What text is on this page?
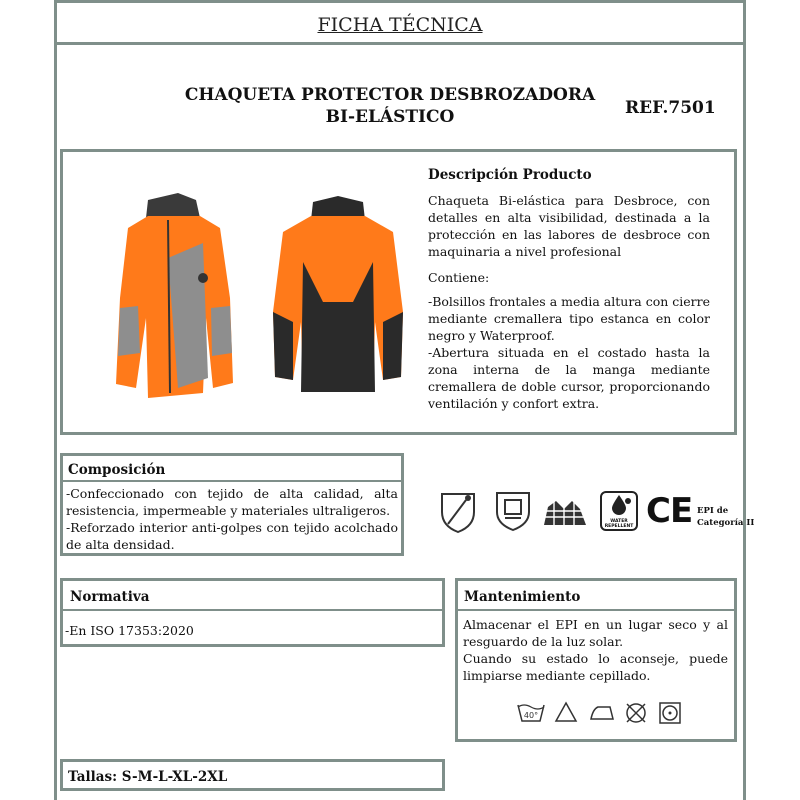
FICHA TÉCNICA
CHAQUETA PROTECTOR DESBROZADORA
BI-ELÁSTICO	REF.7501
Descripción Producto

Chaqueta Bi-elástica para Desbroce, con detalles en alta visibilidad, destinada a la protección en las labores de desbroce con maquinaria a nivel profesional

Contiene:

-Bolsillos frontales a media altura con cierre mediante cremallera tipo estanca en color negro y Waterproof.

-Abertura situada en el costado hasta la zona interna de la manga mediante cremallera de doble cursor, proporcionando ventilación y confort extra.

Composición

-Confeccionado con tejido de alta calidad, alta resistencia, impermeable y materiales ultraligeros.

-Reforzado interior anti-golpes con tejido acolchado de alta densidad.

WATER REPELLENT CE EPI de
Categoría II
Normativa
-En ISO 17353:2020
Mantenimiento

Almacenar el EPI en un lugar seco y al resguardo de la luz solar.

Cuando su estado lo aconseje, puede limpiarse mediante cepillado.

40°
Tallas: S-M-L-XL-2XL
